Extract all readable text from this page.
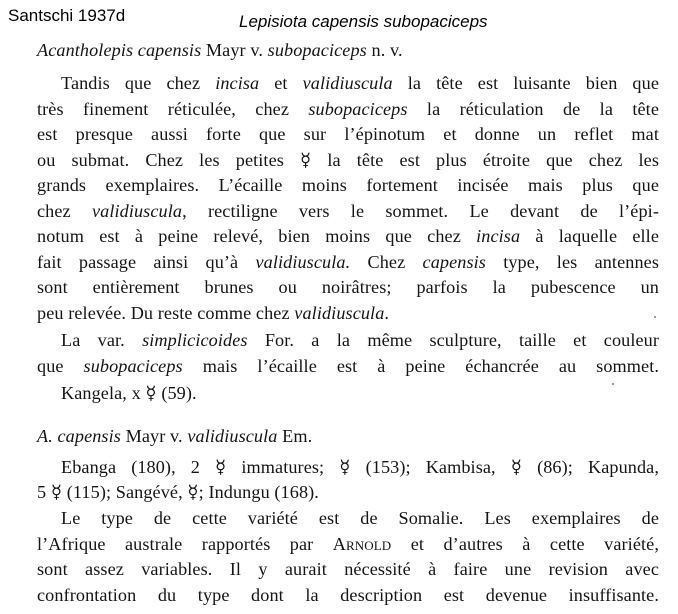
Santschi 1937d	Lepisiota capensis subopaciceps
Acantholepis capensis Mayr v. subopaciceps n. v.
Tandis que chez incisa et validiuscula la tête est luisante bien que
très finement réticulée, chez subopaciceps la réticulation de la tête
est presque aussi forte que sur l’épinotum et donne un reflet mat
ou submat. Chez les petites ☿ la tête est plus étroite que chez les
grands exemplaires. L’écaille moins fortement incisée mais plus que
chez validiuscula, rectiligne vers le sommet. Le devant de l’épi-
notum est à peine relevé, bien moins que chez incisa à laquelle elle
fait passage ainsi qu’à validiuscula. Chez capensis type, les antennes
sont entièrement brunes ou noirâtres; parfois la pubescence un
peu relevée. Du reste comme chez validiuscula.
La var. simplicicoides For. a la même sculpture, taille et couleur
que subopaciceps mais l’écaille est à peine échancrée au sommet.
Kangela, x ☿ (59).
A. capensis Mayr v. validiuscula Em.
Ebanga (180), 2 ☿ immatures; ☿ (153); Kambisa, ☿ (86); Kapunda,
5 ☿ (115); Sangévé, ☿; Indungu (168).
Le type de cette variété est de Somalie. Les exemplaires de
l’Afrique australe rapportés par Arnold et d’autres à cette variété,
sont assez variables. Il y aurait nécessité à faire une revision avec
confrontation du type dont la description est devenue insuffisante.
